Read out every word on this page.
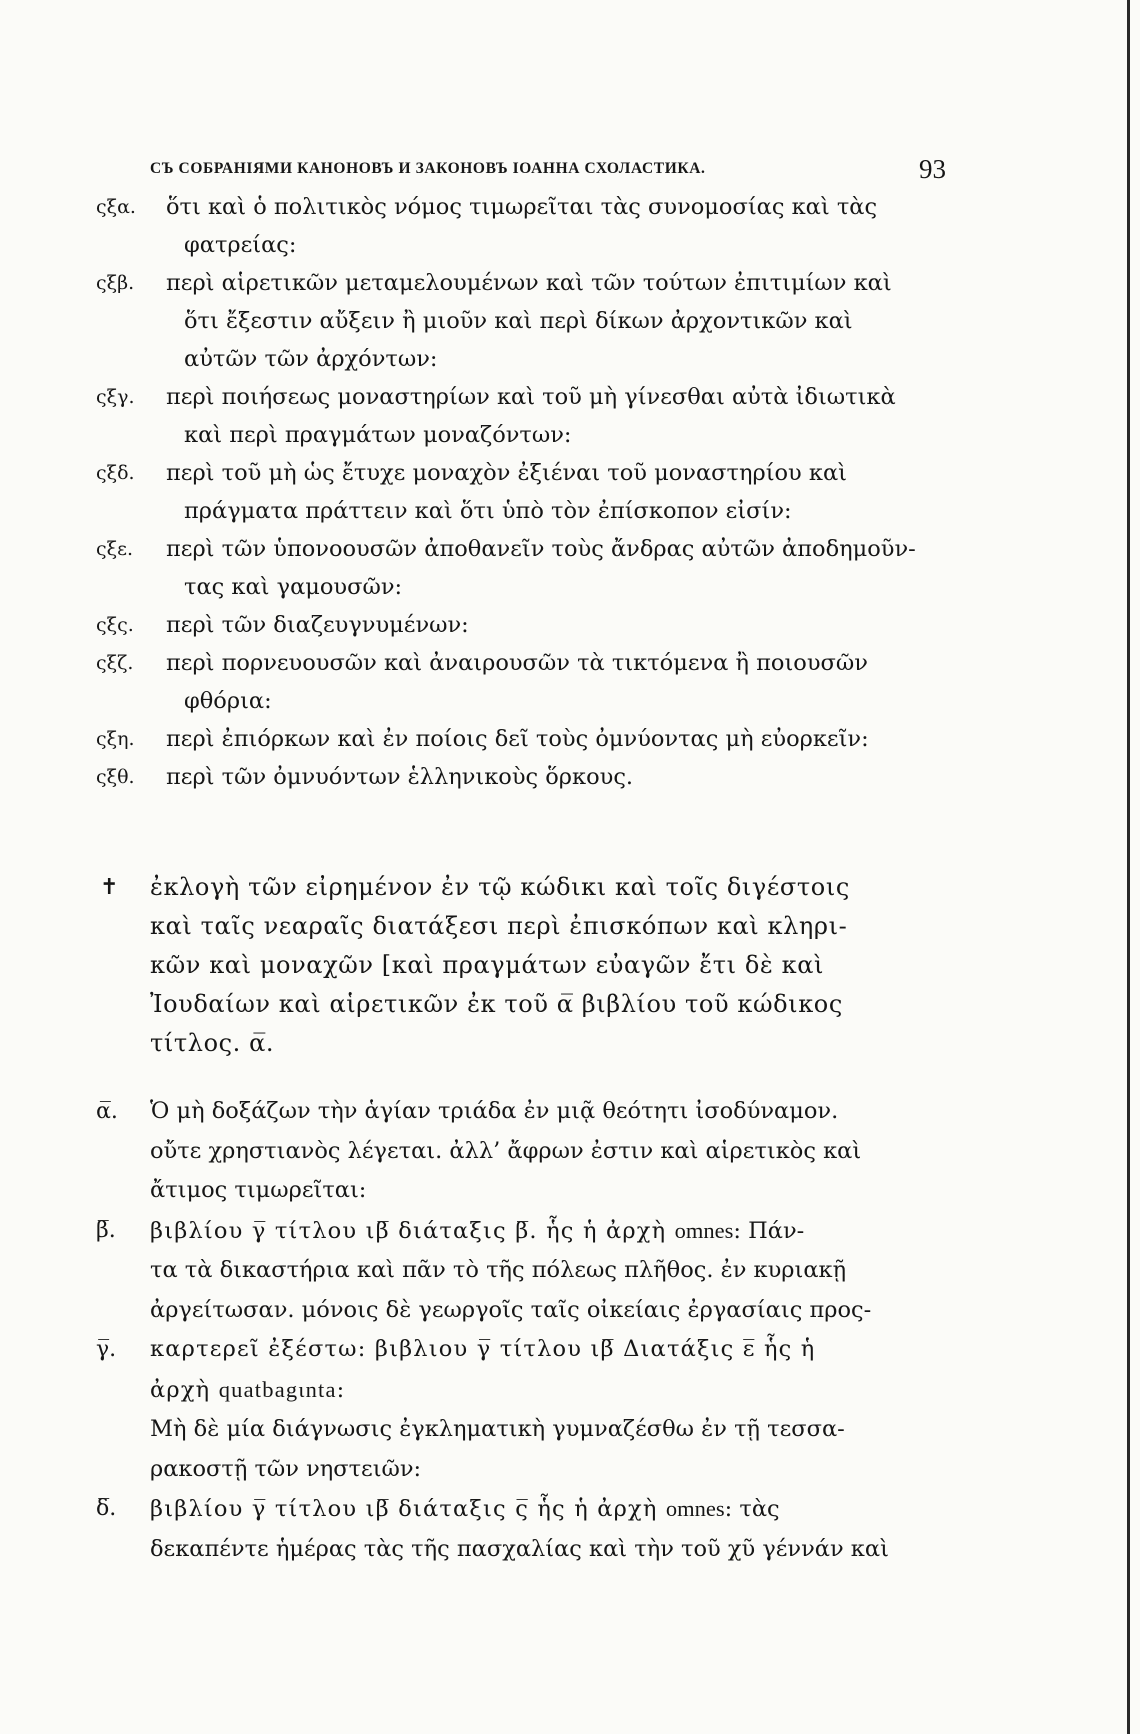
СЪ СОБРАНІЯМИ КАНОНОВЪ И ЗАКОНОВЪ ІОАННА СХОЛАСТИКА.	93
ςξα. ὅτι καὶ ὁ πολιτικὸς νόμος τιμωρεῖται τὰς συνομοσίας καὶ τὰς
φατρείας:
ςξβ. περὶ αἱρετικῶν μεταμελουμένων καὶ τῶν τούτων ἐπιτιμίων καὶ
ὅτι ἔξεστιν αὔξειν ἢ μιοῦν καὶ περὶ δίκων ἀρχοντικῶν καὶ
αὐτῶν τῶν ἀρχόντων:
ςξγ. περὶ ποιήσεως μοναστηρίων καὶ τοῦ μὴ γίνεσθαι αὐτὰ ἰδιωτικὰ
καὶ περὶ πραγμάτων μοναζόντων:
ςξδ. περὶ τοῦ μὴ ὡς ἔτυχε μοναχὸν ἐξιέναι τοῦ μοναστηρίου καὶ
πράγματα πράττειν καὶ ὅτι ὑπὸ τὸν ἐπίσκοπον εἰσίν:
ςξε. περὶ τῶν ὑπονοουσῶν ἀποθανεῖν τοὺς ἄνδρας αὐτῶν ἀποδημοῦν-
τας καὶ γαμουσῶν:
ςξς. περὶ τῶν διαζευγνυμένων:
ςξζ. περὶ πορνευουσῶν καὶ ἀναιρουσῶν τὰ τικτόμενα ἢ ποιουσῶν
φθόρια:
ςξη. περὶ ἐπιόρκων καὶ ἐν ποίοις δεῖ τοὺς ὀμνύοντας μὴ εὐορκεῖν:
ςξθ. περὶ τῶν ὀμνυόντων ἑλληνικοὺς ὅρκους.
✝ ἐκλογὴ τῶν εἰρημένον ἐν τῷ κώδικι καὶ τοῖς διγέστοις
καὶ ταῖς νεαραῖς διατάξεσι περὶ ἐπισκόπων καὶ κληρι-
κῶν καὶ μοναχῶν [καὶ πραγμάτων εὐαγῶν ἔτι δὲ καὶ
Ἰουδαίων καὶ αἱρετικῶν ἐκ τοῦ α̅ βιβλίου τοῦ κώδικος
τίτλος. α̅.
α̅. Ὁ μὴ δοξάζων τὴν ἁγίαν τριάδα ἐν μιᾷ θεότητι ἰσοδύναμον.
οὔτε χρηστιανὸς λέγεται. ἀλλ’ ἄφρων ἐστιν καὶ αἱρετικὸς καὶ
ἄτιμος τιμωρεῖται:
β̅. βιβλίου γ̅ τίτλου ιβ̅ διάταξις β̅. ἧς ἡ ἀρχὴ omnes: Πάν-
τα τὰ δικαστήρια καὶ πᾶν τὸ τῆς πόλεως πλῆθος. ἐν κυριακῇ
ἀργείτωσαν. μόνοις δὲ γεωργοῖς ταῖς οἰκείαις ἐργασίαις προς-
γ̅. καρτερεῖ ἐξέστω: βιβλιου γ̅ τίτλου ιβ̅ Διατάξις ε̅ ἧς ἡ
ἀρχὴ quatbagιnta:
Μὴ δὲ μία διάγνωσις ἐγκληματικὴ γυμναζέσθω ἐν τῇ τεσσα-
ρακοστῇ τῶν νηστειῶν:
δ̅. βιβλίου γ̅ τίτλου ιβ̅ διάταξις ς̅ ἧς ἡ ἀρχὴ omnes: τὰς
δεκαπέντε ἡμέρας τὰς τῆς πασχαλίας καὶ τὴν τοῦ χῦ γέννάν καὶ
